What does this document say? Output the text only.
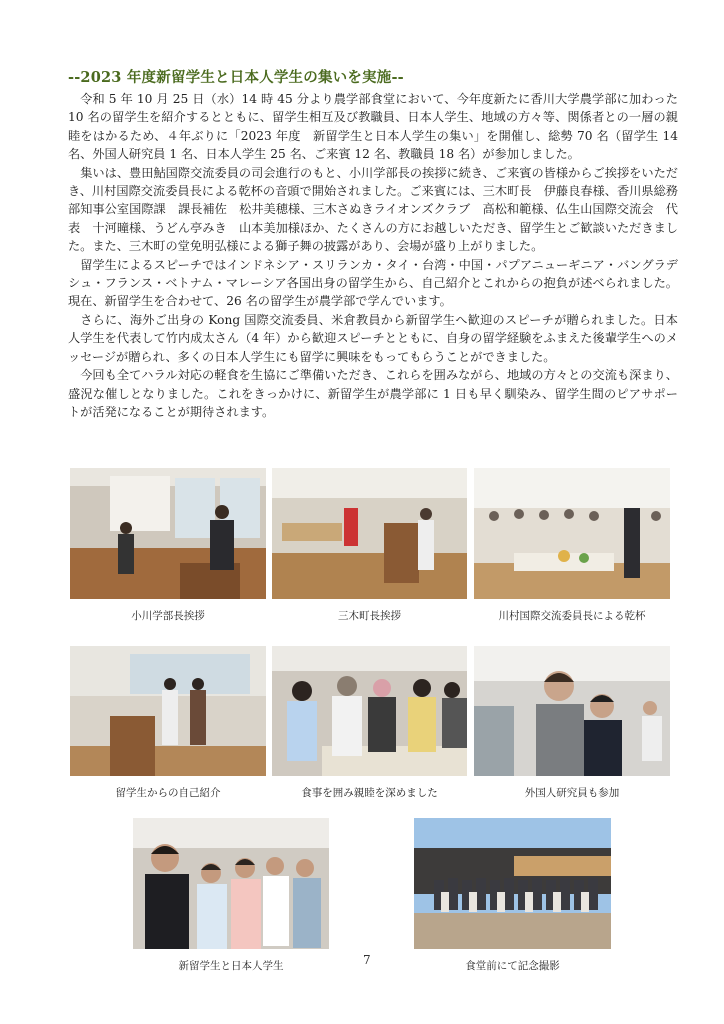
--2023 年度新留学生と日本人学生の集いを実施--

令和 5 年 10 月 25 日（水）14 時 45 分より農学部食堂において、今年度新たに香川大学農学部に加わった 10 名の留学生を紹介するとともに、留学生相互及び教職員、日本人学生、地域の方々等、関係者との一層の親睦をはかるため、４年ぶりに「2023 年度　新留学生と日本人学生の集い」を開催し、総勢 70 名（留学生 14 名、外国人研究員 1 名、日本人学生 25 名、ご来賓 12 名、教職員 18 名）が参加しました。

集いは、豊田鮎国際交流委員の司会進行のもと、小川学部長の挨拶に続き、ご来賓の皆様からご挨拶をいただき、川村国際交流委員長による乾杯の音頭で開始されました。ご来賓には、三木町長　伊藤良春様、香川県総務部知事公室国際課　課長補佐　松井美穂様、三木さぬきライオンズクラブ　高松和範様、仏生山国際交流会　代表　十河曈様、うどん亭みき　山本美加様ほか、たくさんの方にお越しいただき、留学生とご歓談いただきました。また、三木町の堂免明弘様による獅子舞の披露があり、会場が盛り上がりました。

留学生によるスピーチではインドネシア・スリランカ・タイ・台湾・中国・パプアニューギニア・バングラデシュ・フランス・ベトナム・マレーシア各国出身の留学生から、自己紹介とこれからの抱負が述べられました。現在、新留学生を合わせて、26 名の留学生が農学部で学んでいます。

さらに、海外ご出身の Kong 国際交流委員、米倉教員から新留学生へ歓迎のスピーチが贈られました。日本人学生を代表して竹内成太さん（4 年）から歓迎スピーチとともに、自身の留学経験をふまえた後輩学生へのメッセージが贈られ、多くの日本人学生にも留学に興味をもってもらうことができました。

今回も全てハラル対応の軽食を生協にご準備いただき、これらを囲みながら、地域の方々との交流も深まり、盛況な催しとなりました。これをきっかけに、新留学生が農学部に 1 日も早く馴染み、留学生間のピアサポートが活発になることが期待されます。

小川学部長挨拶	三木町長挨拶	川村国際交流委員長による乾杯
留学生からの自己紹介	食事を囲み親睦を深めました	外国人研究員も参加
新留学生と日本人学生	食堂前にて記念撮影
7
